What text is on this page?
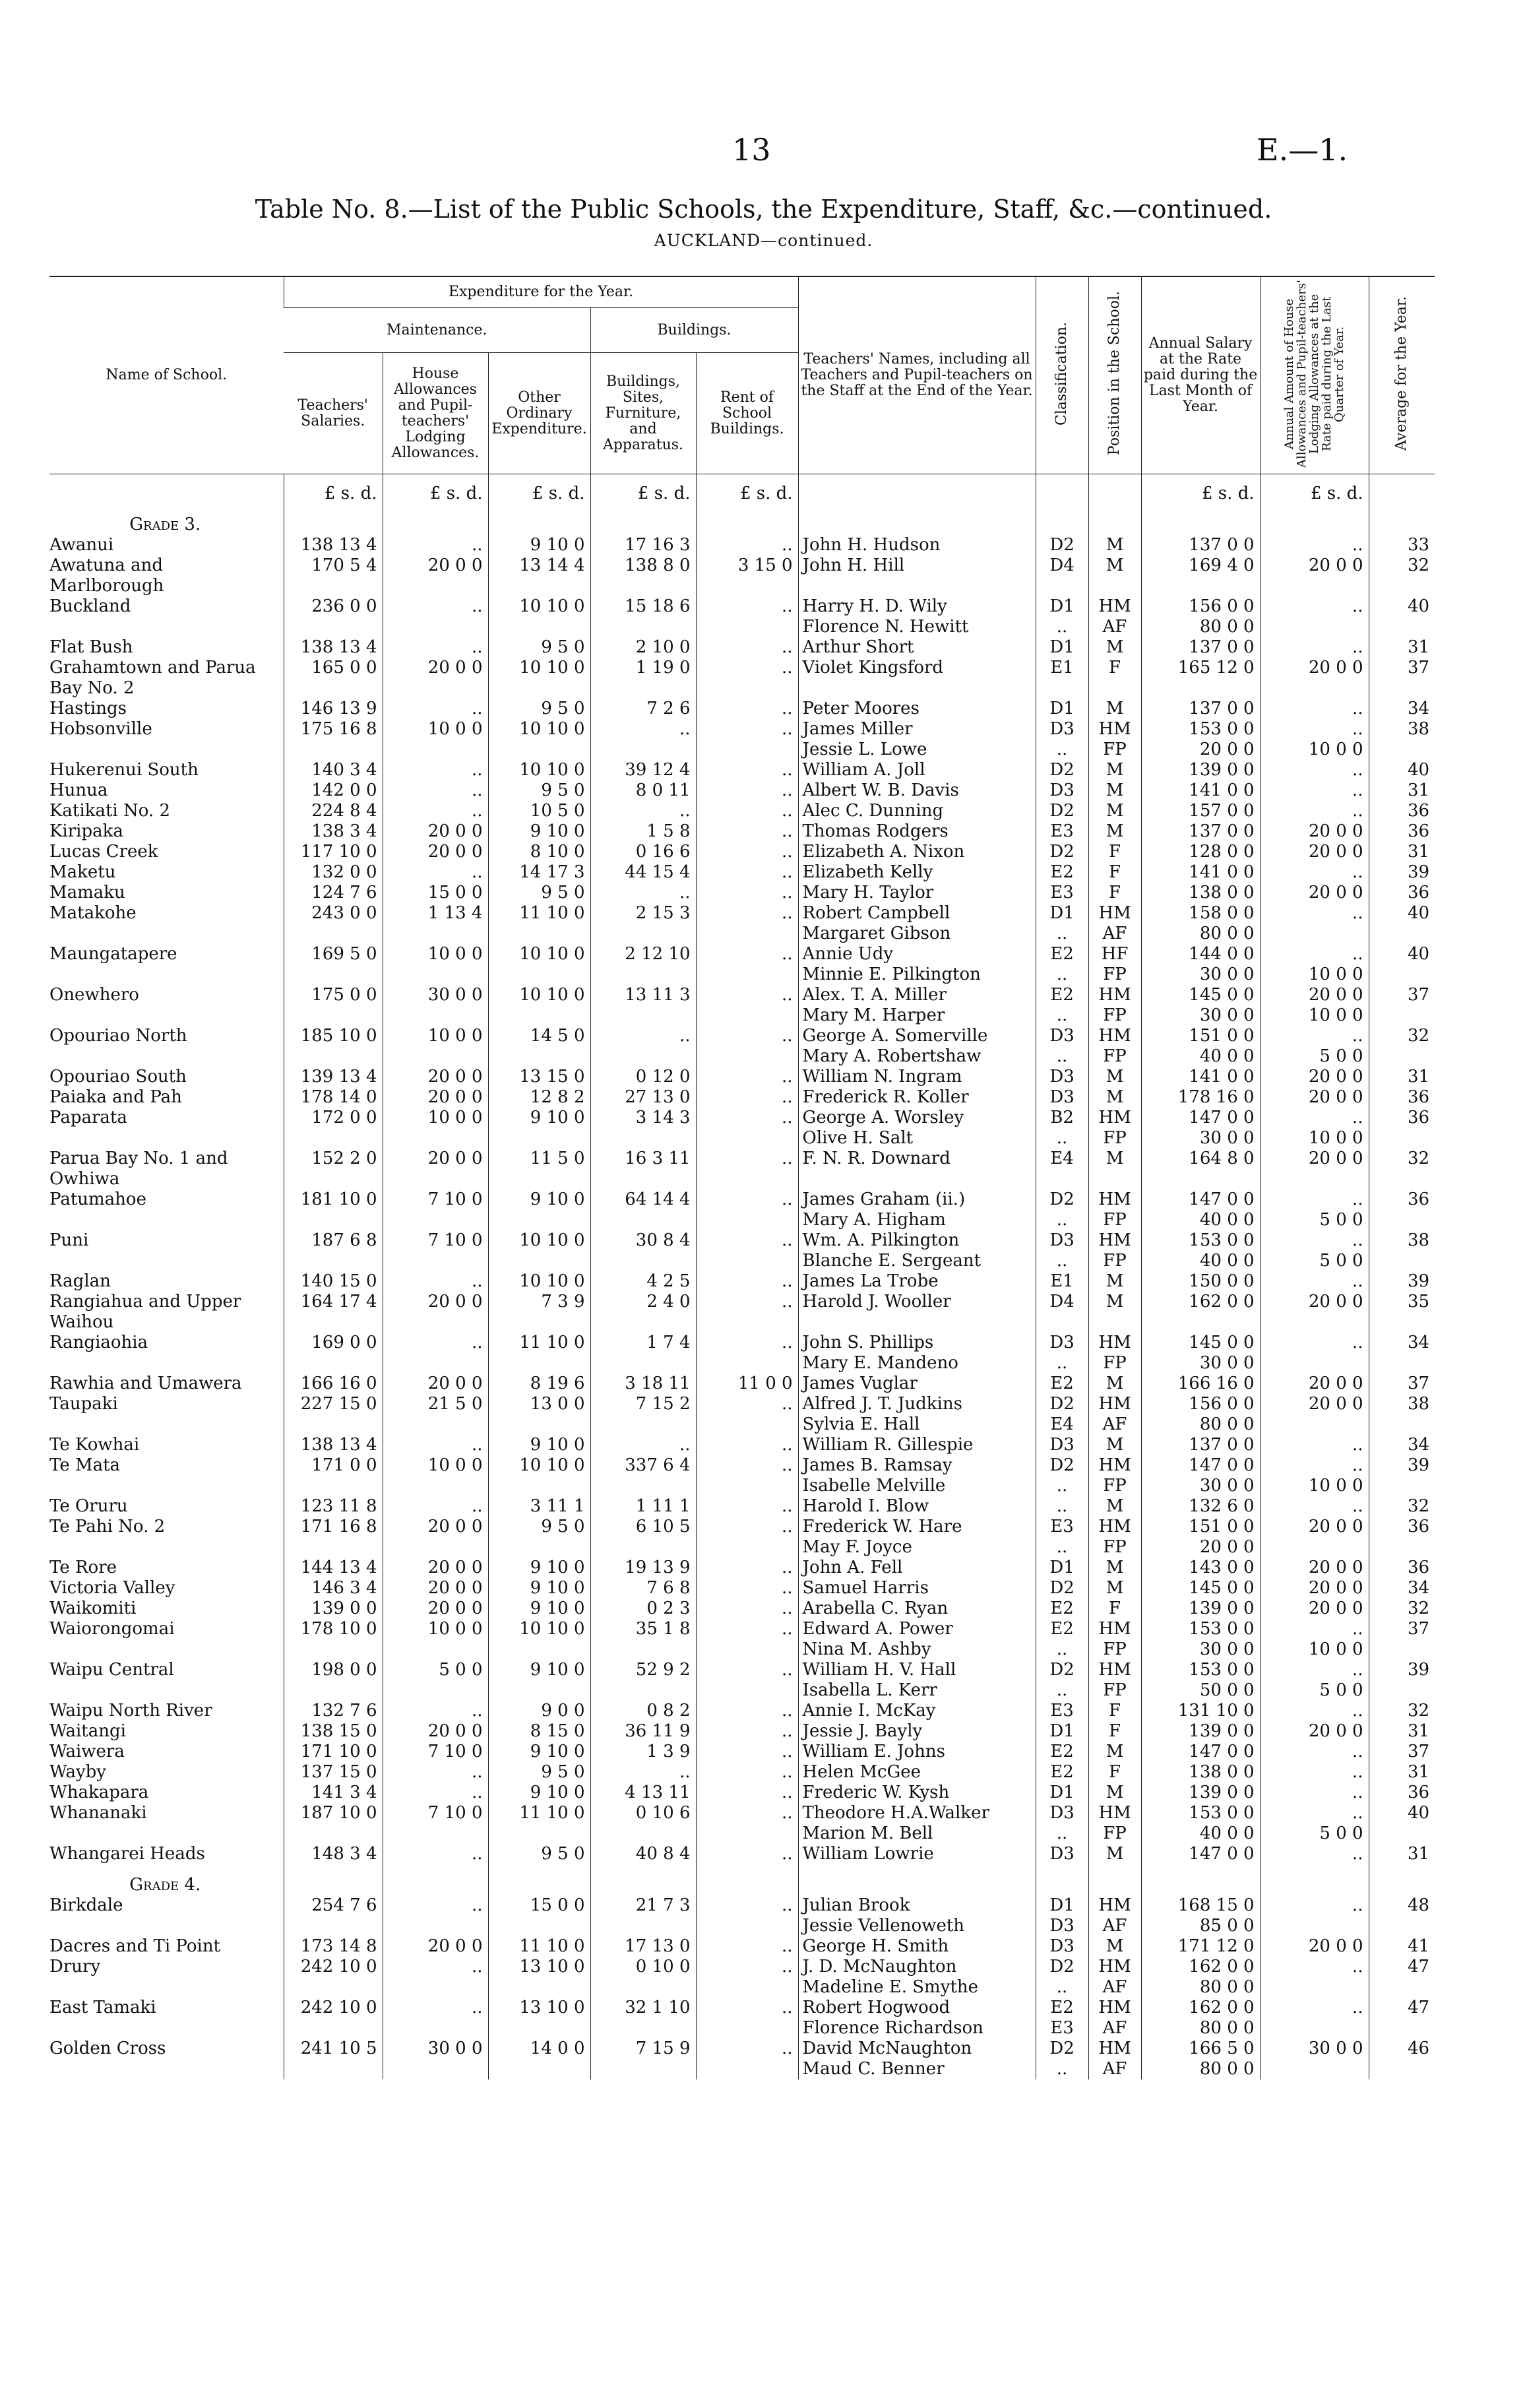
13	E.—1.
Table No. 8.—List of the Public Schools, the Expenditure, Staff, &c.—continued.
AUCKLAND—continued.
Name of School.	Expenditure for the Year.					Teachers' Names, including all Teachers and Pupil-teachers on the Staff at the End of the Year.	Classification.	Position in the School.	Annual Salary at the Rate paid during the Last Month of Year.	Annual Amount of House Allowances and Pupil-teachers' Lodging Allowances at the Rate paid during the Last Quarter of Year.	Average for the Year.
	Maintenance.			Buildings.							
	Teachers' Salaries.	House Allowances and Pupil-teachers' Lodging Allowances.	Other Ordinary Expenditure.	Buildings, Sites, Furniture, and Apparatus.	Rent of School Buildings.						
	£ s. d.	£ s. d.	£ s. d.	£ s. d.	£ s. d.				£ s. d.	£ s. d.	
Grade 3.											
Awanui	138 13 4	..	9 10 0	17 16 3	..	John H. Hudson	D2	M	137 0 0	..	33
Awatuna and Marlborough	170 5 4	20 0 0	13 14 4	138 8 0	3 15 0	John H. Hill	D4	M	169 4 0	20 0 0	32
Buckland	236 0 0	..	10 10 0	15 18 6	..	Harry H. D. Wily	D1	HM	156 0 0	..	40
						Florence N. Hewitt	..	AF	80 0 0		
Flat Bush	138 13 4	..	9 5 0	2 10 0	..	Arthur Short	D1	M	137 0 0	..	31
Grahamtown and Parua Bay No. 2	165 0 0	20 0 0	10 10 0	1 19 0	..	Violet Kingsford	E1	F	165 12 0	20 0 0	37
Hastings	146 13 9	..	9 5 0	7 2 6	..	Peter Moores	D1	M	137 0 0	..	34
Hobsonville	175 16 8	10 0 0	10 10 0	..	..	James Miller	D3	HM	153 0 0	..	38
						Jessie L. Lowe	..	FP	20 0 0	10 0 0	
Hukerenui South	140 3 4	..	10 10 0	39 12 4	..	William A. Joll	D2	M	139 0 0	..	40
Hunua	142 0 0	..	9 5 0	8 0 11	..	Albert W. B. Davis	D3	M	141 0 0	..	31
Katikati No. 2	224 8 4	..	10 5 0	..	..	Alec C. Dunning	D2	M	157 0 0	..	36
Kiripaka	138 3 4	20 0 0	9 10 0	1 5 8	..	Thomas Rodgers	E3	M	137 0 0	20 0 0	36
Lucas Creek	117 10 0	20 0 0	8 10 0	0 16 6	..	Elizabeth A. Nixon	D2	F	128 0 0	20 0 0	31
Maketu	132 0 0	..	14 17 3	44 15 4	..	Elizabeth Kelly	E2	F	141 0 0	..	39
Mamaku	124 7 6	15 0 0	9 5 0	..	..	Mary H. Taylor	E3	F	138 0 0	20 0 0	36
Matakohe	243 0 0	1 13 4	11 10 0	2 15 3	..	Robert Campbell	D1	HM	158 0 0	..	40
						Margaret Gibson	..	AF	80 0 0		
Maungatapere	169 5 0	10 0 0	10 10 0	2 12 10	..	Annie Udy	E2	HF	144 0 0	..	40
						Minnie E. Pilkington	..	FP	30 0 0	10 0 0	
Onewhero	175 0 0	30 0 0	10 10 0	13 11 3	..	Alex. T. A. Miller	E2	HM	145 0 0	20 0 0	37
						Mary M. Harper	..	FP	30 0 0	10 0 0	
Opouriao North	185 10 0	10 0 0	14 5 0	..	..	George A. Somerville	D3	HM	151 0 0	..	32
						Mary A. Robertshaw	..	FP	40 0 0	5 0 0	
Opouriao South	139 13 4	20 0 0	13 15 0	0 12 0	..	William N. Ingram	D3	M	141 0 0	20 0 0	31
Paiaka and Pah	178 14 0	20 0 0	12 8 2	27 13 0	..	Frederick R. Koller	D3	M	178 16 0	20 0 0	36
Paparata	172 0 0	10 0 0	9 10 0	3 14 3	..	George A. Worsley	B2	HM	147 0 0	..	36
						Olive H. Salt	..	FP	30 0 0	10 0 0	
Parua Bay No. 1 and Owhiwa	152 2 0	20 0 0	11 5 0	16 3 11	..	F. N. R. Downard	E4	M	164 8 0	20 0 0	32
Patumahoe	181 10 0	7 10 0	9 10 0	64 14 4	..	James Graham (ii.)	D2	HM	147 0 0	..	36
						Mary A. Higham	..	FP	40 0 0	5 0 0	
Puni	187 6 8	7 10 0	10 10 0	30 8 4	..	Wm. A. Pilkington	D3	HM	153 0 0	..	38
						Blanche E. Sergeant	..	FP	40 0 0	5 0 0	
Raglan	140 15 0	..	10 10 0	4 2 5	..	James La Trobe	E1	M	150 0 0	..	39
Rangiahua and Upper Waihou	164 17 4	20 0 0	7 3 9	2 4 0	..	Harold J. Wooller	D4	M	162 0 0	20 0 0	35
Rangiaohia	169 0 0	..	11 10 0	1 7 4	..	John S. Phillips	D3	HM	145 0 0	..	34
						Mary E. Mandeno	..	FP	30 0 0		
Rawhia and Umawera	166 16 0	20 0 0	8 19 6	3 18 11	11 0 0	James Vuglar	E2	M	166 16 0	20 0 0	37
Taupaki	227 15 0	21 5 0	13 0 0	7 15 2	..	Alfred J. T. Judkins	D2	HM	156 0 0	20 0 0	38
						Sylvia E. Hall	E4	AF	80 0 0		
Te Kowhai	138 13 4	..	9 10 0	..	..	William R. Gillespie	D3	M	137 0 0	..	34
Te Mata	171 0 0	10 0 0	10 10 0	337 6 4	..	James B. Ramsay	D2	HM	147 0 0	..	39
						Isabelle Melville	..	FP	30 0 0	10 0 0	
Te Oruru	123 11 8	..	3 11 1	1 11 1	..	Harold I. Blow	..	M	132 6 0	..	32
Te Pahi No. 2	171 16 8	20 0 0	9 5 0	6 10 5	..	Frederick W. Hare	E3	HM	151 0 0	20 0 0	36
						May F. Joyce	..	FP	20 0 0		
Te Rore	144 13 4	20 0 0	9 10 0	19 13 9	..	John A. Fell	D1	M	143 0 0	20 0 0	36
Victoria Valley	146 3 4	20 0 0	9 10 0	7 6 8	..	Samuel Harris	D2	M	145 0 0	20 0 0	34
Waikomiti	139 0 0	20 0 0	9 10 0	0 2 3	..	Arabella C. Ryan	E2	F	139 0 0	20 0 0	32
Waiorongomai	178 10 0	10 0 0	10 10 0	35 1 8	..	Edward A. Power	E2	HM	153 0 0	..	37
						Nina M. Ashby	..	FP	30 0 0	10 0 0	
Waipu Central	198 0 0	5 0 0	9 10 0	52 9 2	..	William H. V. Hall	D2	HM	153 0 0	..	39
						Isabella L. Kerr	..	FP	50 0 0	5 0 0	
Waipu North River	132 7 6	..	9 0 0	0 8 2	..	Annie I. McKay	E3	F	131 10 0	..	32
Waitangi	138 15 0	20 0 0	8 15 0	36 11 9	..	Jessie J. Bayly	D1	F	139 0 0	20 0 0	31
Waiwera	171 10 0	7 10 0	9 10 0	1 3 9	..	William E. Johns	E2	M	147 0 0	..	37
Wayby	137 15 0	..	9 5 0	..	..	Helen McGee	E2	F	138 0 0	..	31
Whakapara	141 3 4	..	9 10 0	4 13 11	..	Frederic W. Kysh	D1	M	139 0 0	..	36
Whananaki	187 10 0	7 10 0	11 10 0	0 10 6	..	Theodore H.A.Walker	D3	HM	153 0 0	..	40
						Marion M. Bell	..	FP	40 0 0	5 0 0	
Whangarei Heads	148 3 4	..	9 5 0	40 8 4	..	William Lowrie	D3	M	147 0 0	..	31
Grade 4.											
Birkdale	254 7 6	..	15 0 0	21 7 3	..	Julian Brook	D1	HM	168 15 0	..	48
						Jessie Vellenoweth	D3	AF	85 0 0		
Dacres and Ti Point	173 14 8	20 0 0	11 10 0	17 13 0	..	George H. Smith	D3	M	171 12 0	20 0 0	41
Drury	242 10 0	..	13 10 0	0 10 0	..	J. D. McNaughton	D2	HM	162 0 0	..	47
						Madeline E. Smythe	..	AF	80 0 0		
East Tamaki	242 10 0	..	13 10 0	32 1 10	..	Robert Hogwood	E2	HM	162 0 0	..	47
						Florence Richardson	E3	AF	80 0 0		
Golden Cross	241 10 5	30 0 0	14 0 0	7 15 9	..	David McNaughton	D2	HM	166 5 0	30 0 0	46
						Maud C. Benner	..	AF	80 0 0		
